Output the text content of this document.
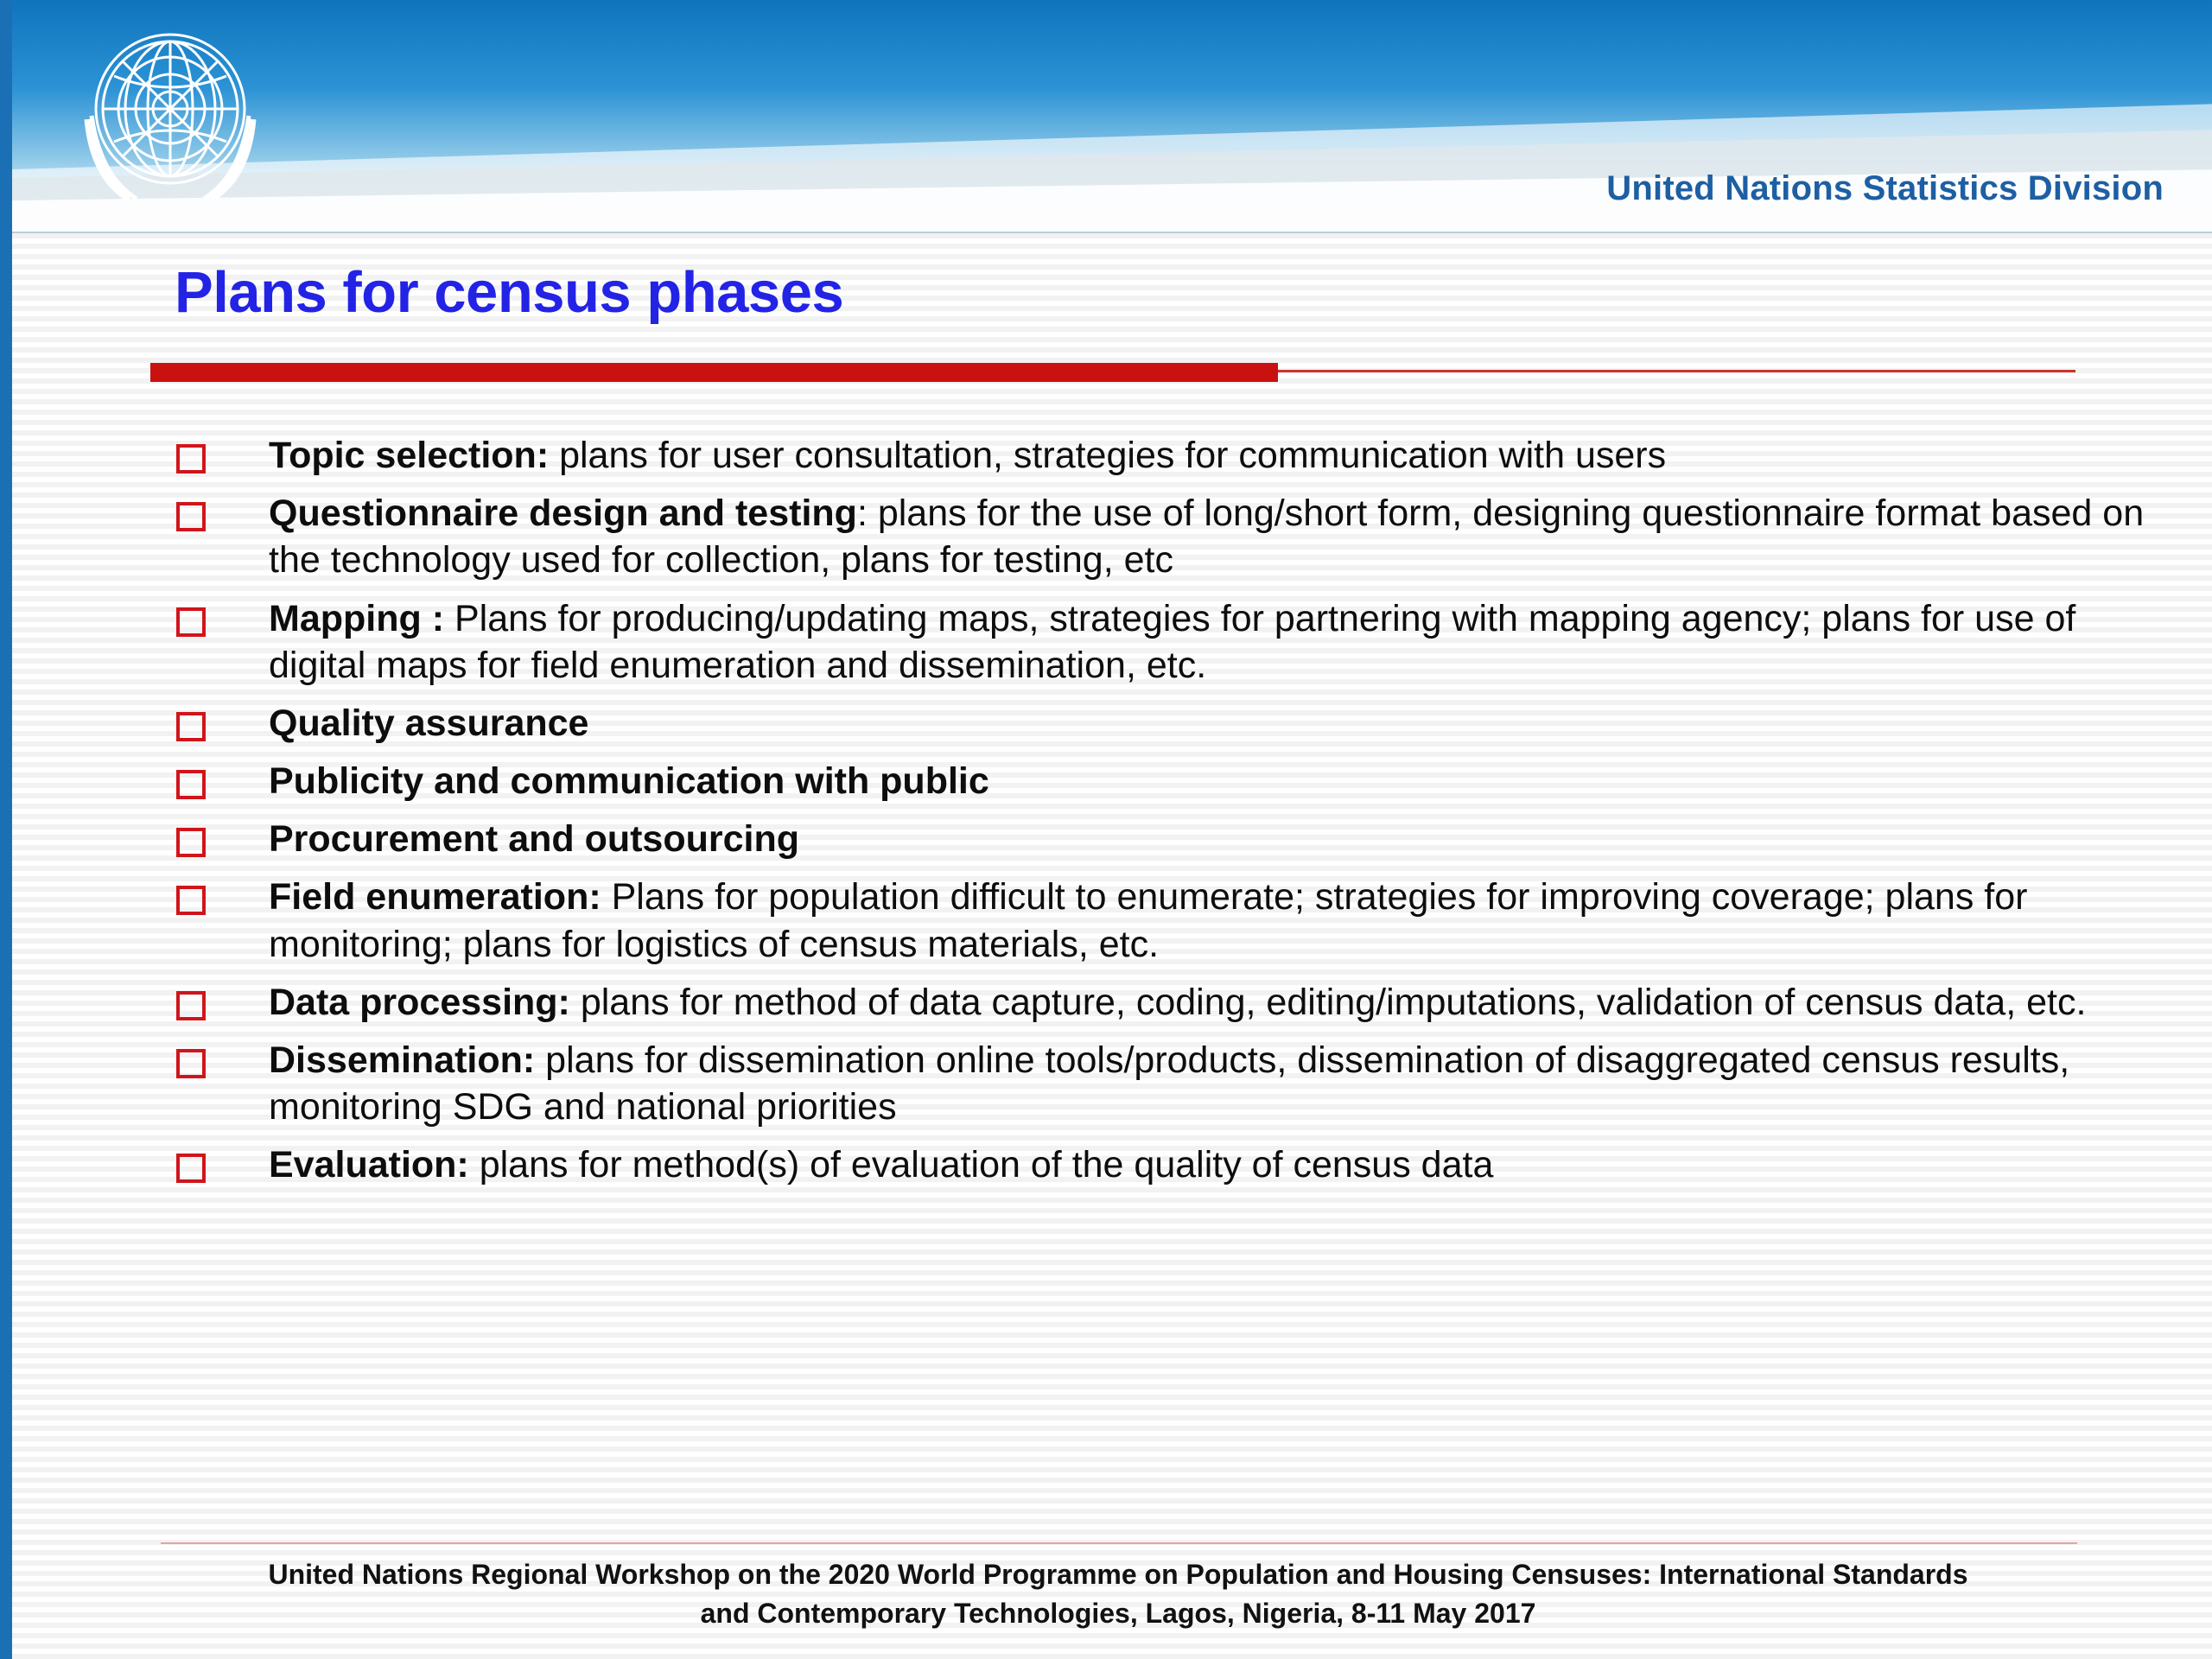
United Nations Statistics Division
Plans for census phases
Topic selection: plans for user consultation, strategies for communication with users
Questionnaire design and testing: plans for the use of long/short form, designing questionnaire format based on the technology used for collection, plans for testing, etc
Mapping : Plans for producing/updating maps, strategies for partnering with mapping agency; plans for use of digital maps for field enumeration and dissemination, etc.
Quality assurance
Publicity and communication with public
Procurement and outsourcing
Field enumeration: Plans for population difficult to enumerate; strategies for improving coverage; plans for monitoring; plans for logistics of census materials, etc.
Data processing: plans for method of data capture, coding, editing/imputations, validation of census data, etc.
Dissemination: plans for dissemination online tools/products, dissemination of disaggregated census results, monitoring SDG and national priorities
Evaluation: plans for method(s) of evaluation of the quality of census data
United Nations Regional Workshop on the 2020 World Programme on Population and Housing Censuses: International Standards
and Contemporary Technologies, Lagos, Nigeria, 8-11 May 2017
